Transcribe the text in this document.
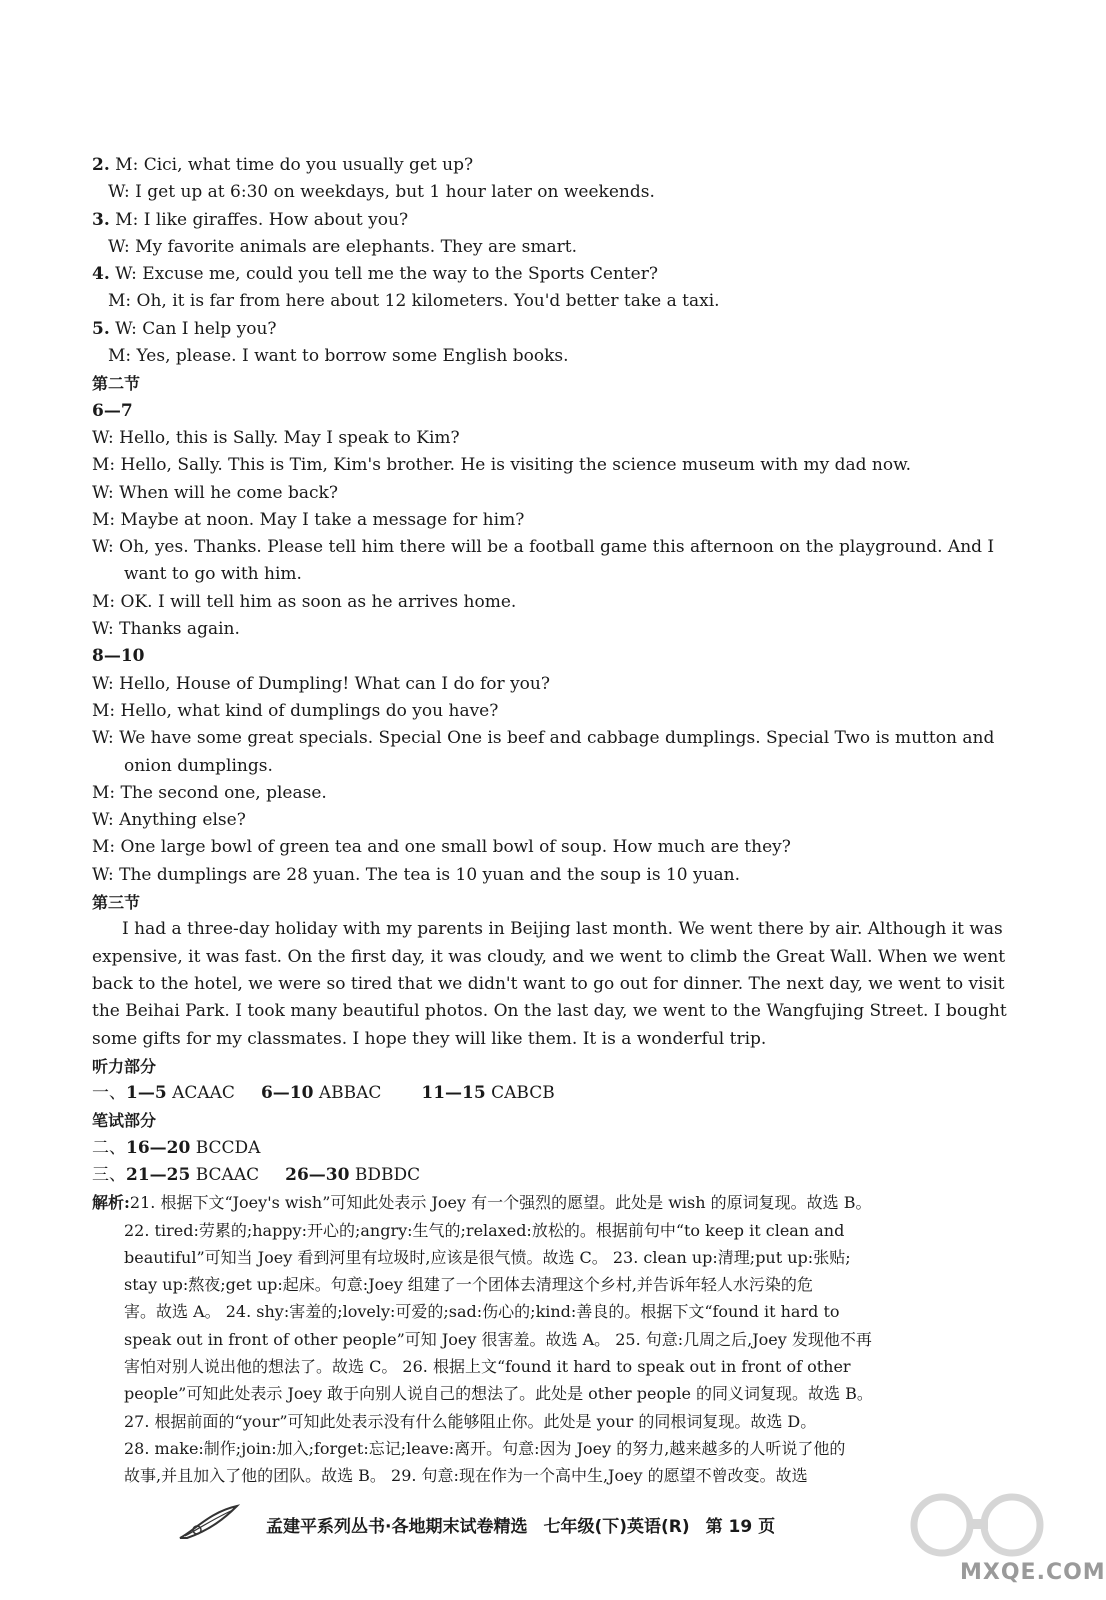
2. M: Cici, what time do you usually get up?
W: I get up at 6:30 on weekdays, but 1 hour later on weekends.
3. M: I like giraffes. How about you?
W: My favorite animals are elephants. They are smart.
4. W: Excuse me, could you tell me the way to the Sports Center?
M: Oh, it is far from here about 12 kilometers. You'd better take a taxi.
5. W: Can I help you?
M: Yes, please. I want to borrow some English books.
第二节
6—7
W: Hello, this is Sally. May I speak to Kim?
M: Hello, Sally. This is Tim, Kim's brother. He is visiting the science museum with my dad now.
W: When will he come back?
M: Maybe at noon. May I take a message for him?
W: Oh, yes. Thanks. Please tell him there will be a football game this afternoon on the playground. And I
want to go with him.
M: OK. I will tell him as soon as he arrives home.
W: Thanks again.
8—10
W: Hello, House of Dumpling! What can I do for you?
M: Hello, what kind of dumplings do you have?
W: We have some great specials. Special One is beef and cabbage dumplings. Special Two is mutton and
onion dumplings.
M: The second one, please.
W: Anything else?
M: One large bowl of green tea and one small bowl of soup. How much are they?
W: The dumplings are 28 yuan. The tea is 10 yuan and the soup is 10 yuan.
第三节
I had a three-day holiday with my parents in Beijing last month. We went there by air. Although it was
expensive, it was fast. On the first day, it was cloudy, and we went to climb the Great Wall. When we went
back to the hotel, we were so tired that we didn't want to go out for dinner. The next day, we went to visit
the Beihai Park. I took many beautiful photos. On the last day, we went to the Wangfujing Street. I bought
some gifts for my classmates. I hope they will like them. It is a wonderful trip.
听力部分
一、1—5 ACAAC 6—10 ABBAC 11—15 CABCB
笔试部分
二、16—20 BCCDA
三、21—25 BCAAC 26—30 BDBDC
解析:21. 根据下文“Joey's wish”可知此处表示 Joey 有一个强烈的愿望。此处是 wish 的原词复现。故选 B。
22. tired:劳累的;happy:开心的;angry:生气的;relaxed:放松的。根据前句中“to keep it clean and
beautiful”可知当 Joey 看到河里有垃圾时,应该是很气愤。故选 C。 23. clean up:清理;put up:张贴;
stay up:熬夜;get up:起床。句意:Joey 组建了一个团体去清理这个乡村,并告诉年轻人水污染的危
害。故选 A。 24. shy:害羞的;lovely:可爱的;sad:伤心的;kind:善良的。根据下文“found it hard to
speak out in front of other people”可知 Joey 很害羞。故选 A。 25. 句意:几周之后,Joey 发现他不再
害怕对别人说出他的想法了。故选 C。 26. 根据上文“found it hard to speak out in front of other
people”可知此处表示 Joey 敢于向别人说自己的想法了。此处是 other people 的同义词复现。故选 B。
27. 根据前面的“your”可知此处表示没有什么能够阻止你。此处是 your 的同根词复现。故选 D。
28. make:制作;join:加入;forget:忘记;leave:离开。句意:因为 Joey 的努力,越来越多的人听说了他的
故事,并且加入了他的团队。故选 B。 29. 句意:现在作为一个高中生,Joey 的愿望不曾改变。故选
孟建平系列丛书·各地期末试卷精选 七年级(下)英语(R) 第 19 页
MXQE.COM
